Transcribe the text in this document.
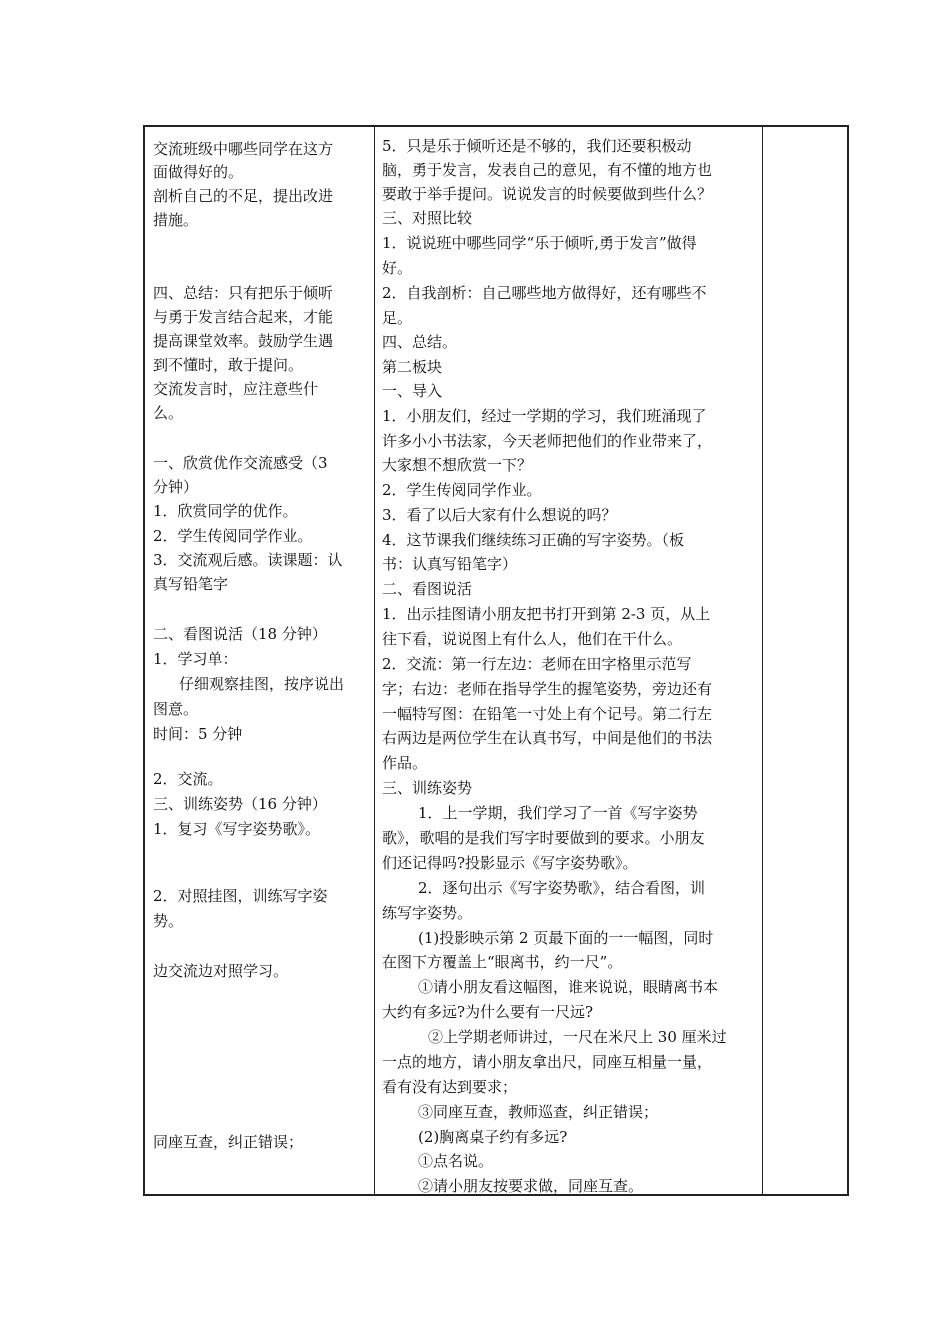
交流班级中哪些同学在这方
面做得好的。
剖析自己的不足，提出改进
措施。
四、总结：只有把乐于倾听
与勇于发言结合起来，才能
提高课堂效率。鼓励学生遇
到不懂时，敢于提问。
交流发言时，应注意些什
么。
一、欣赏优作交流感受（3
分钟）
1．欣赏同学的优作。
2．学生传阅同学作业。
3．交流观后感。读课题：认
真写铅笔字
二、看图说活（18 分钟）
1．学习单：
仔细观察挂图，按序说出
图意。
时间：5 分钟
2．交流。
三、训练姿势（16 分钟）
1．复习《写字姿势歌》。
2．对照挂图，训练写字姿
势。
边交流边对照学习。
同座互查，纠正错误；
5．只是乐于倾听还是不够的，我们还要积极动
脑，勇于发言，发表自己的意见，有不懂的地方也
要敢于举手提问。说说发言的时候要做到些什么？
三、对照比较
1．说说班中哪些同学“乐于倾听,勇于发言”做得
好。
2．自我剖析：自己哪些地方做得好，还有哪些不
足。
四、总结。
第二板块
一、导入
1．小朋友们，经过一学期的学习，我们班涌现了
许多小小书法家，今天老师把他们的作业带来了，
大家想不想欣赏一下？
2．学生传阅同学作业。
3．看了以后大家有什么想说的吗？
4．这节课我们继续练习正确的写字姿势。（板
书：认真写铅笔字）
二、看图说活
1．出示挂图请小朋友把书打开到第 2-3 页，从上
往下看，说说图上有什么人，他们在干什么。
2．交流：第一行左边：老师在田字格里示范写
字；右边：老师在指导学生的握笔姿势，旁边还有
一幅特写图：在铅笔一寸处上有个记号。第二行左
右两边是两位学生在认真书写，中间是他们的书法
作品。
三、训练姿势
1．上一学期，我们学习了一首《写字姿势
歌》，歌唱的是我们写字时要做到的要求。小朋友
们还记得吗?投影显示《写字姿势歌》。
2．逐句出示《写字姿势歌》，结合看图，训
练写字姿势。
(1)投影映示第 2 页最下面的一一幅图，同时
在图下方覆盖上“眼离书，约一尺”。
①请小朋友看这幅图，谁来说说，眼睛离书本
大约有多远?为什么要有一尺远?
②上学期老师讲过，一尺在米尺上 30 厘米过
一点的地方，请小朋友拿出尺，同座互相量一量，
看有没有达到要求；
③同座互查，教师巡查，纠正错误；
(2)胸离桌子约有多远?
①点名说。
②请小朋友按要求做，同座互查。
